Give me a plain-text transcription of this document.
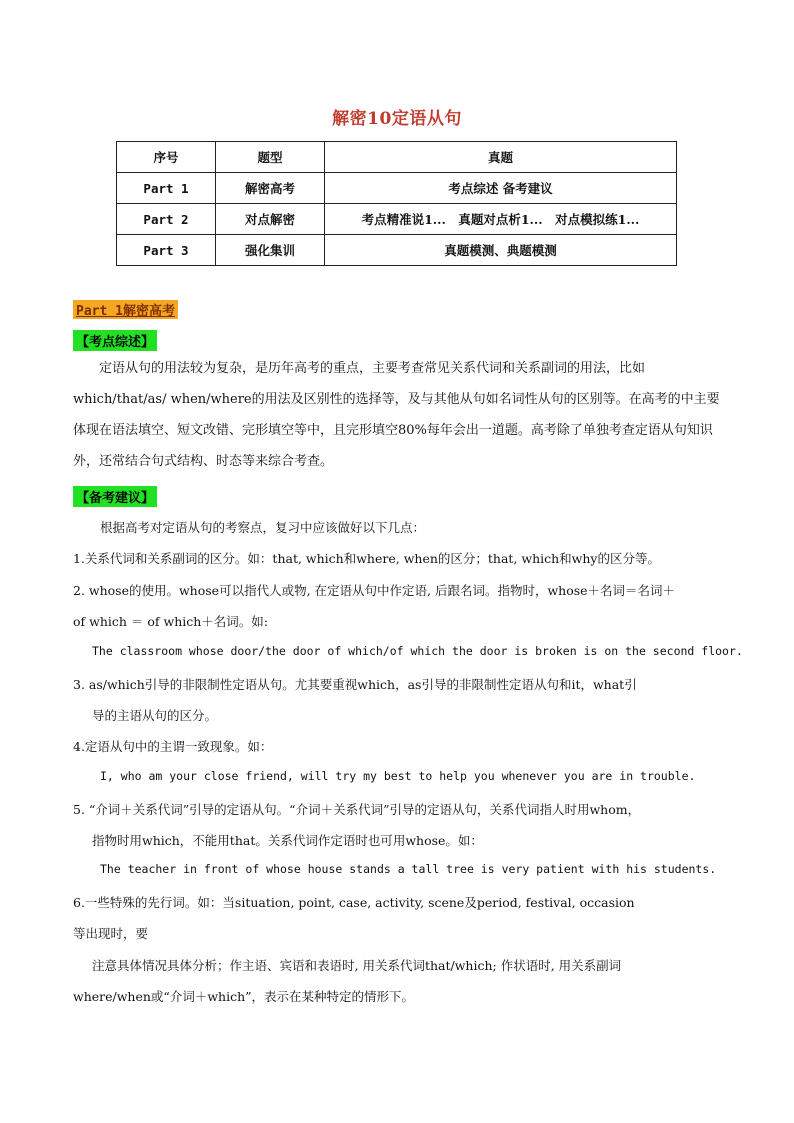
解密10定语从句
序号	题型	真题
Part 1	解密高考	考点综述 备考建议
Part 2	对点解密	考点精准说1...　真题对点析1...　对点模拟练1...
Part 3	强化集训	真题模测、典题模测
Part 1解密高考
【考点综述】
　　定语从句的用法较为复杂，是历年高考的重点，主要考查常见关系代词和关系副词的用法，比如which/that/as/ when/where的用法及区别性的选择等，及与其他从句如名词性从句的区别等。在高考的中主要体现在语法填空、短文改错、完形填空等中，且完形填空80%每年会出一道题。高考除了单独考查定语从句知识外，还常结合句式结构、时态等来综合考查。
【备考建议】
根据高考对定语从句的考察点，复习中应该做好以下几点：
1.关系代词和关系副词的区分。如：that, which和where, when的区分；that, which和why的区分等。
2. whose的使用。whose可以指代人或物, 在定语从句中作定语, 后跟名词。指物时，whose＋名词＝名词＋
of which ＝ of which＋名词。如:
The classroom whose door/the door of which/of which the door is broken is on the second floor.
3. as/which引导的非限制性定语从句。尤其要重视which，as引导的非限制性定语从句和it，what引
导的主语从句的区分。
4.定语从句中的主谓一致现象。如：
I, who am your close friend, will try my best to help you whenever you are in trouble.
5. “介词＋关系代词”引导的定语从句。“介词＋关系代词”引导的定语从句，关系代词指人时用whom，
指物时用which，不能用that。关系代词作定语时也可用whose。如：
The teacher in front of whose house stands a tall tree is very patient with his students.
6.一些特殊的先行词。如：当situation, point, case, activity, scene及period, festival, occasion
等出现时，要
注意具体情况具体分析；作主语、宾语和表语时, 用关系代词that/which; 作状语时, 用关系副词
where/when或“介词＋which”，表示在某种特定的情形下。
